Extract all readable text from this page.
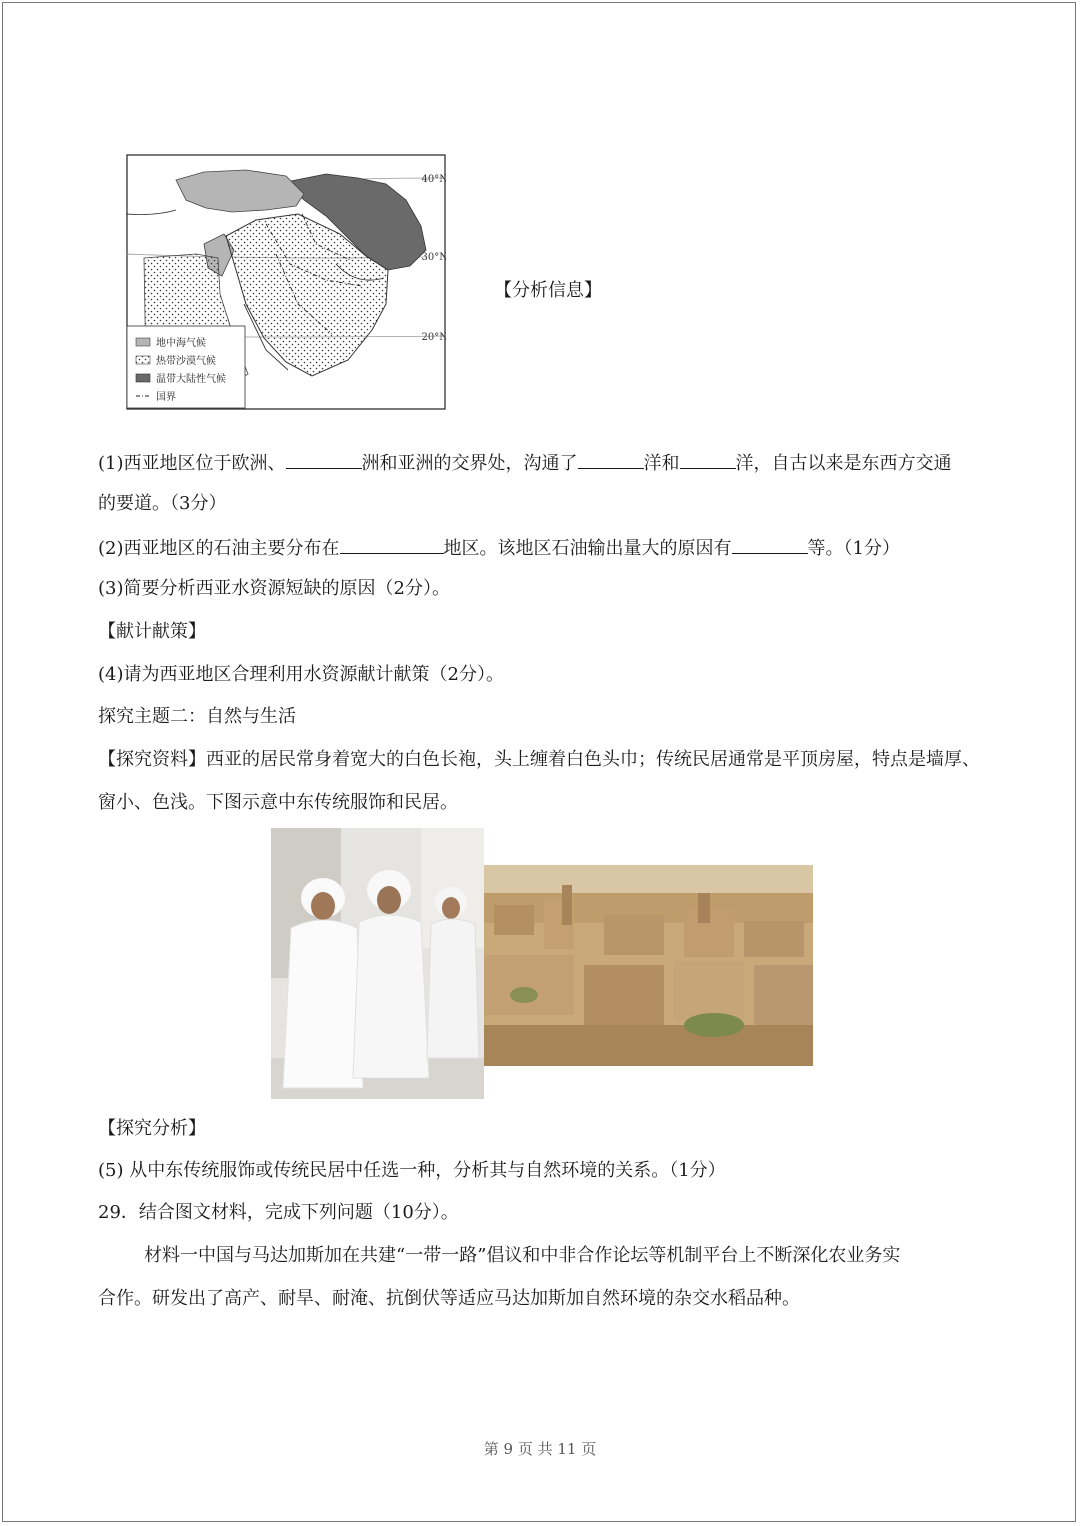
40°N
30°N
20°N
地中海气候
热带沙漠气候
温带大陆性气候
国界
【分析信息】
(1)西亚地区位于欧洲、	洲和亚洲的交界处，沟通了	洋和	洋，自古以来是东西方交通
的要道。（3分）
(2)西亚地区的石油主要分布在	地区。该地区石油输出量大的原因有	等。（1分）
(3)简要分析西亚水资源短缺的原因（2分）。
【献计献策】
(4)请为西亚地区合理利用水资源献计献策（2分）。
探究主题二：自然与生活
【探究资料】西亚的居民常身着宽大的白色长袍，头上缠着白色头巾；传统民居通常是平顶房屋，特点是墙厚、
窗小、色浅。下图示意中东传统服饰和民居。
【探究分析】
(5) 从中东传统服饰或传统民居中任选一种，分析其与自然环境的关系。（1分）
29．结合图文材料，完成下列问题（10分）。
材料一中国与马达加斯加在共建“一带一路”倡议和中非合作论坛等机制平台上不断深化农业务实
合作。研发出了高产、耐旱、耐淹、抗倒伏等适应马达加斯加自然环境的杂交水稻品种。
第 9 页 共 11 页
